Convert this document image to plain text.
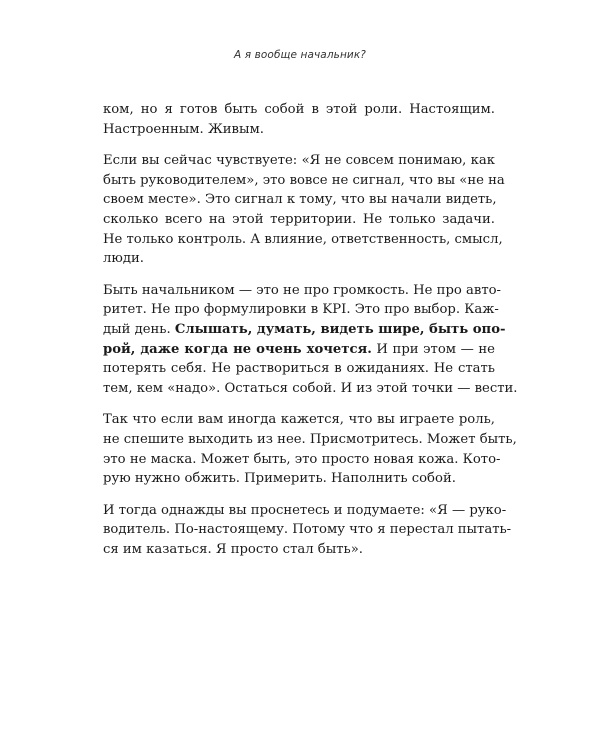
А я вообще начальник?
ком, но я готов быть собой в этой роли. Настоящим.
Настроенным. Живым.
Если вы сейчас чувствуете: «Я не совсем понимаю, как
быть руководителем», это вовсе не сигнал, что вы «не на
своем месте». Это сигнал к тому, что вы начали видеть,
сколько всего на этой территории. Не только задачи.
Не только контроль. А влияние, ответственность, смысл,
люди.
Быть начальником — это не про громкость. Не про авто-
ритет. Не про формулировки в KPI. Это про выбор. Каж-
дый день. Слышать, думать, видеть шире, быть опо-
рой, даже когда не очень хочется. И при этом — не
потерять себя. Не раствориться в ожиданиях. Не стать
тем, кем «надо». Остаться собой. И из этой точки — вести.
Так что если вам иногда кажется, что вы играете роль,
не спешите выходить из нее. Присмотритесь. Может быть,
это не маска. Может быть, это просто новая кожа. Кото-
рую нужно обжить. Примерить. Наполнить собой.
И тогда однажды вы проснетесь и подумаете: «Я — руко-
водитель. По-настоящему. Потому что я перестал пытать-
ся им казаться. Я просто стал быть».
